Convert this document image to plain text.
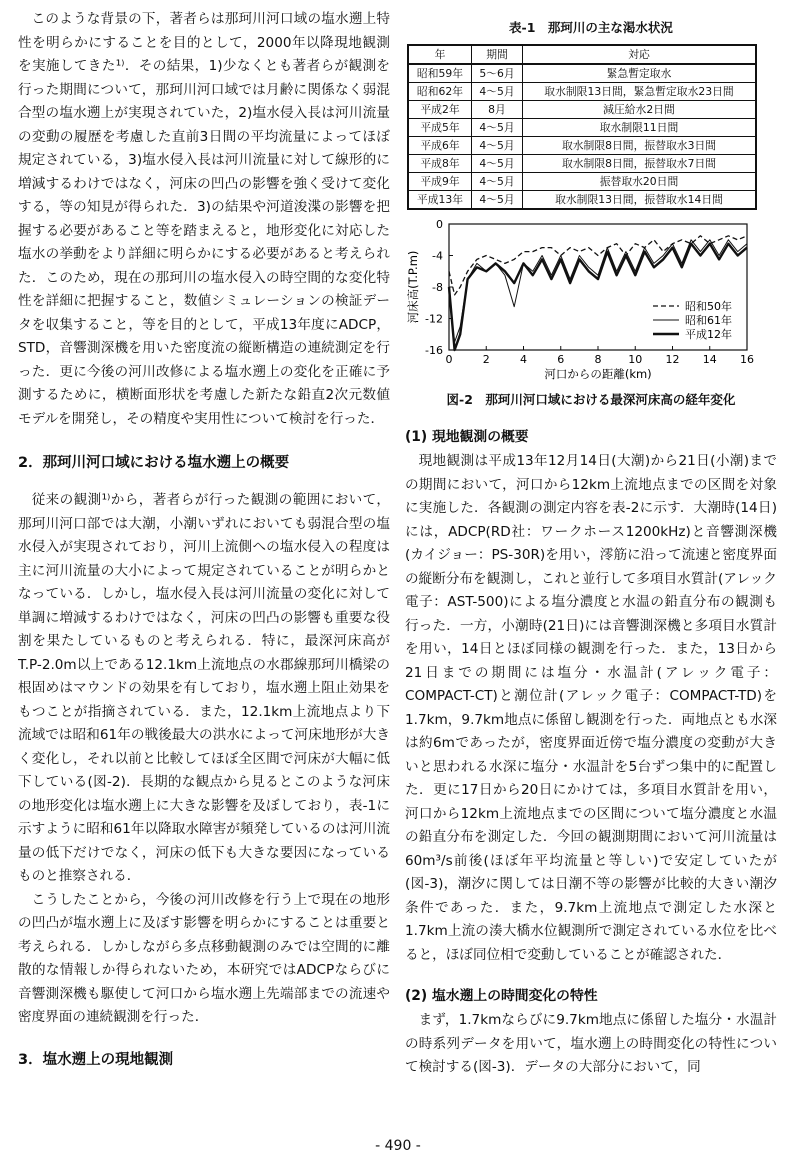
このような背景の下，著者らは那珂川河口域の塩水遡上特性を明らかにすることを目的として，2000年以降現地観測を実施してきた¹⁾．その結果，1)少なくとも著者らが観測を行った期間について，那珂川河口域では月齢に関係なく弱混合型の塩水遡上が実現されていた，2)塩水侵入長は河川流量の変動の履歴を考慮した直前3日間の平均流量によってほぼ規定されている，3)塩水侵入長は河川流量に対して線形的に増減するわけではなく，河床の凹凸の影響を強く受けて変化する，等の知見が得られた．3)の結果や河道浚渫の影響を把握する必要があること等を踏まえると，地形変化に対応した塩水の挙動をより詳細に明らかにする必要があると考えられた．このため，現在の那珂川の塩水侵入の時空間的な変化特性を詳細に把握すること，数値シミュレーションの検証データを収集すること，等を目的として，平成13年度にADCP，STD，音響測深機を用いた密度流の縦断構造の連続測定を行った．更に今後の河川改修による塩水遡上の変化を正確に予測するために，横断面形状を考慮した新たな鉛直2次元数値モデルを開発し，その精度や実用性について検討を行った．

2．那珂川河口域における塩水遡上の概要

従来の観測¹⁾から，著者らが行った観測の範囲において，那珂川河口部では大潮，小潮いずれにおいても弱混合型の塩水侵入が実現されており，河川上流側への塩水侵入の程度は主に河川流量の大小によって規定されていることが明らかとなっている．しかし，塩水侵入長は河川流量の変化に対して単調に増減するわけではなく，河床の凹凸の影響も重要な役割を果たしているものと考えられる．特に，最深河床高がT.P-2.0m以上である12.1km上流地点の水郡線那珂川橋梁の根固めはマウンドの効果を有しており，塩水遡上阻止効果をもつことが指摘されている．また，12.1km上流地点より下流域では昭和61年の戦後最大の洪水によって河床地形が大きく変化し，それ以前と比較してほぼ全区間で河床が大幅に低下している(図-2)．長期的な観点から見るとこのような河床の地形変化は塩水遡上に大きな影響を及ぼしており，表-1に示すように昭和61年以降取水障害が頻発しているのは河川流量の低下だけでなく，河床の低下も大きな要因になっているものと推察される．

こうしたことから，今後の河川改修を行う上で現在の地形の凹凸が塩水遡上に及ぼす影響を明らかにすることは重要と考えられる．しかしながら多点移動観測のみでは空間的に離散的な情報しか得られないため，本研究ではADCPならびに音響測深機も駆使して河口から塩水遡上先端部までの流速や密度界面の連続観測を行った．

3．塩水遡上の現地観測
表-1　那珂川の主な渇水状況
年	期間	対応
昭和59年	5～6月	緊急暫定取水
昭和62年	4～5月	取水制限13日間，緊急暫定取水23日間
平成2年	8月	減圧給水2日間
平成5年	4～5月	取水制限11日間
平成6年	4～5月	取水制限8日間，振替取水3日間
平成8年	4～5月	取水制限8日間，振替取水7日間
平成9年	4～5月	振替取水20日間
平成13年	4～5月	取水制限13日間，振替取水14日間
0	2	4	6	8 10 12 14 16
0
-4
-8
-12
-16
河口からの距離(km)
河床高(T.P.m)	昭和50年
昭和61年
平成12年
図-2　那珂川河口域における最深河床高の経年変化
(1) 現地観測の概要

現地観測は平成13年12月14日(大潮)から21日(小潮)までの期間において，河口から12km上流地点までの区間を対象に実施した．各観測の測定内容を表-2に示す．大潮時(14日)には，ADCP(RD社：ワークホース1200kHz)と音響測深機(カイジョー：PS-30R)を用い，澪筋に沿って流速と密度界面の縦断分布を観測し，これと並行して多項目水質計(アレック電子：AST-500)による塩分濃度と水温の鉛直分布の観測も行った．一方，小潮時(21日)には音響測深機と多項目水質計を用い，14日とほぼ同様の観測を行った．また，13日から21日までの期間には塩分・水温計(アレック電子：COMPACT-CT)と潮位計(アレック電子：COMPACT-TD)を1.7km，9.7km地点に係留し観測を行った．両地点とも水深は約6mであったが，密度界面近傍で塩分濃度の変動が大きいと思われる水深に塩分・水温計を5台ずつ集中的に配置した．更に17日から20日にかけては，多項目水質計を用い，河口から12km上流地点までの区間について塩分濃度と水温の鉛直分布を測定した．今回の観測期間において河川流量は60m³/s前後(ほぼ年平均流量と等しい)で安定していたが(図-3)，潮汐に関しては日潮不等の影響が比較的大きい潮汐条件であった．また，9.7km上流地点で測定した水深と1.7km上流の湊大橋水位観測所で測定されている水位を比べると，ほぼ同位相で変動していることが確認された．

(2) 塩水遡上の時間変化の特性

まず，1.7kmならびに9.7km地点に係留した塩分・水温計の時系列データを用いて，塩水遡上の時間変化の特性について検討する(図-3)．データの大部分において，同

- 490 -
